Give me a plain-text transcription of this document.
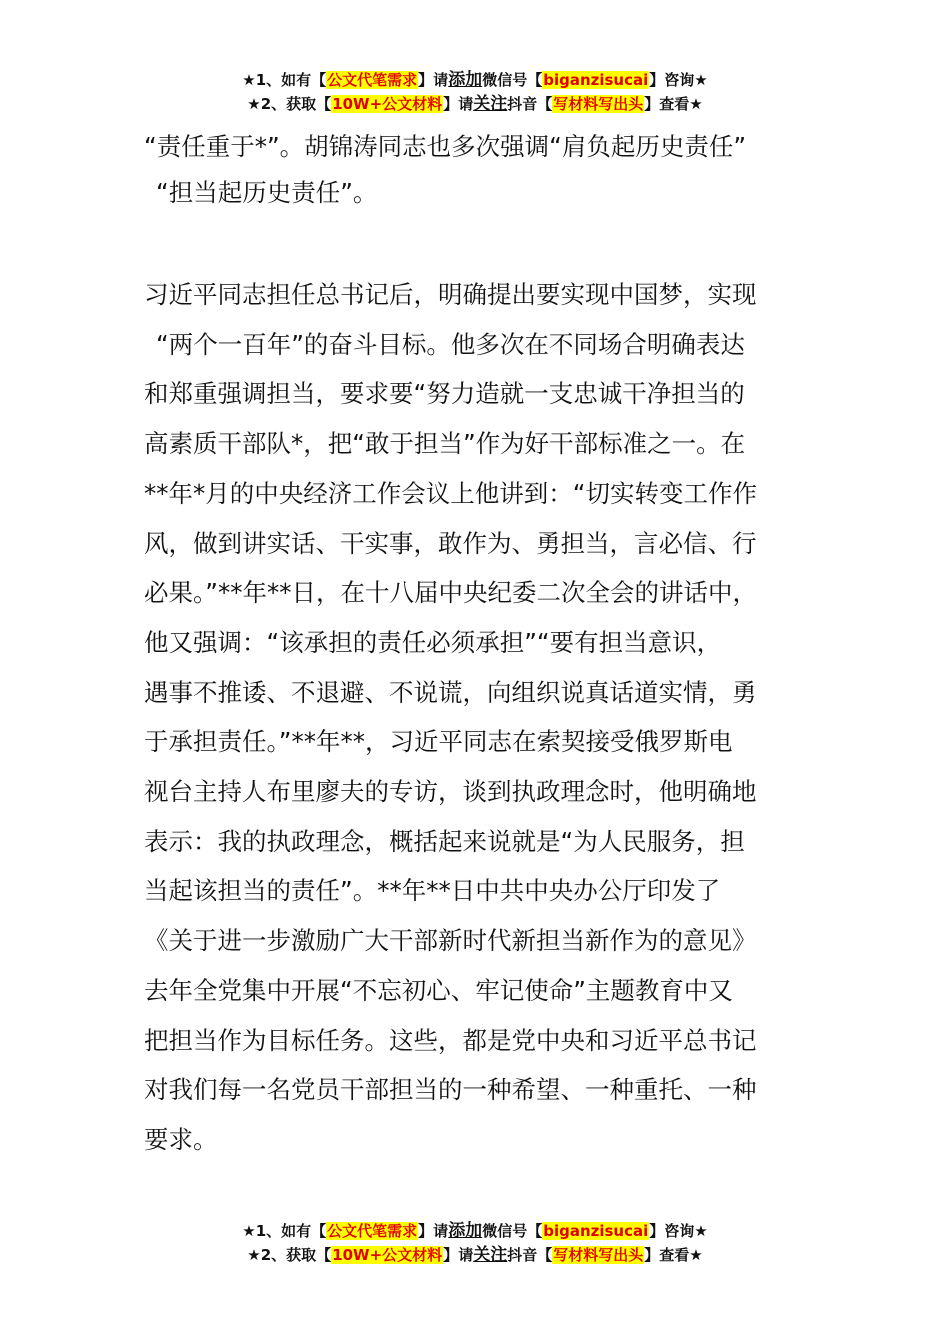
★1、如有【公文代笔需求】请添加微信号【biganzisucai】咨询★
★2、获取【10W+公文材料】请关注抖音【写材料写出头】查看★
“责任重于*”。胡锦涛同志也多次强调“肩负起历史责任”
“担当起历史责任”。
习近平同志担任总书记后，明确提出要实现中国梦，实现
“两个一百年”的奋斗目标。他多次在不同场合明确表达
和郑重强调担当，要求要“努力造就一支忠诚干净担当的
高素质干部队*，把“敢于担当”作为好干部标准之一。在
**年*月的中央经济工作会议上他讲到：“切实转变工作作
风，做到讲实话、干实事，敢作为、勇担当，言必信、行
必果。”**年**日，在十八届中央纪委二次全会的讲话中，
他又强调：“该承担的责任必须承担”“要有担当意识，
遇事不推诿、不退避、不说谎，向组织说真话道实情，勇
于承担责任。”**年**，习近平同志在索契接受俄罗斯电
视台主持人布里廖夫的专访，谈到执政理念时，他明确地
表示：我的执政理念，概括起来说就是“为人民服务，担
当起该担当的责任”。**年**日中共中央办公厅印发了
《关于进一步激励广大干部新时代新担当新作为的意见》
去年全党集中开展“不忘初心、牢记使命”主题教育中又
把担当作为目标任务。这些，都是党中央和习近平总书记
对我们每一名党员干部担当的一种希望、一种重托、一种
要求。
★1、如有【公文代笔需求】请添加微信号【biganzisucai】咨询★
★2、获取【10W+公文材料】请关注抖音【写材料写出头】查看★
